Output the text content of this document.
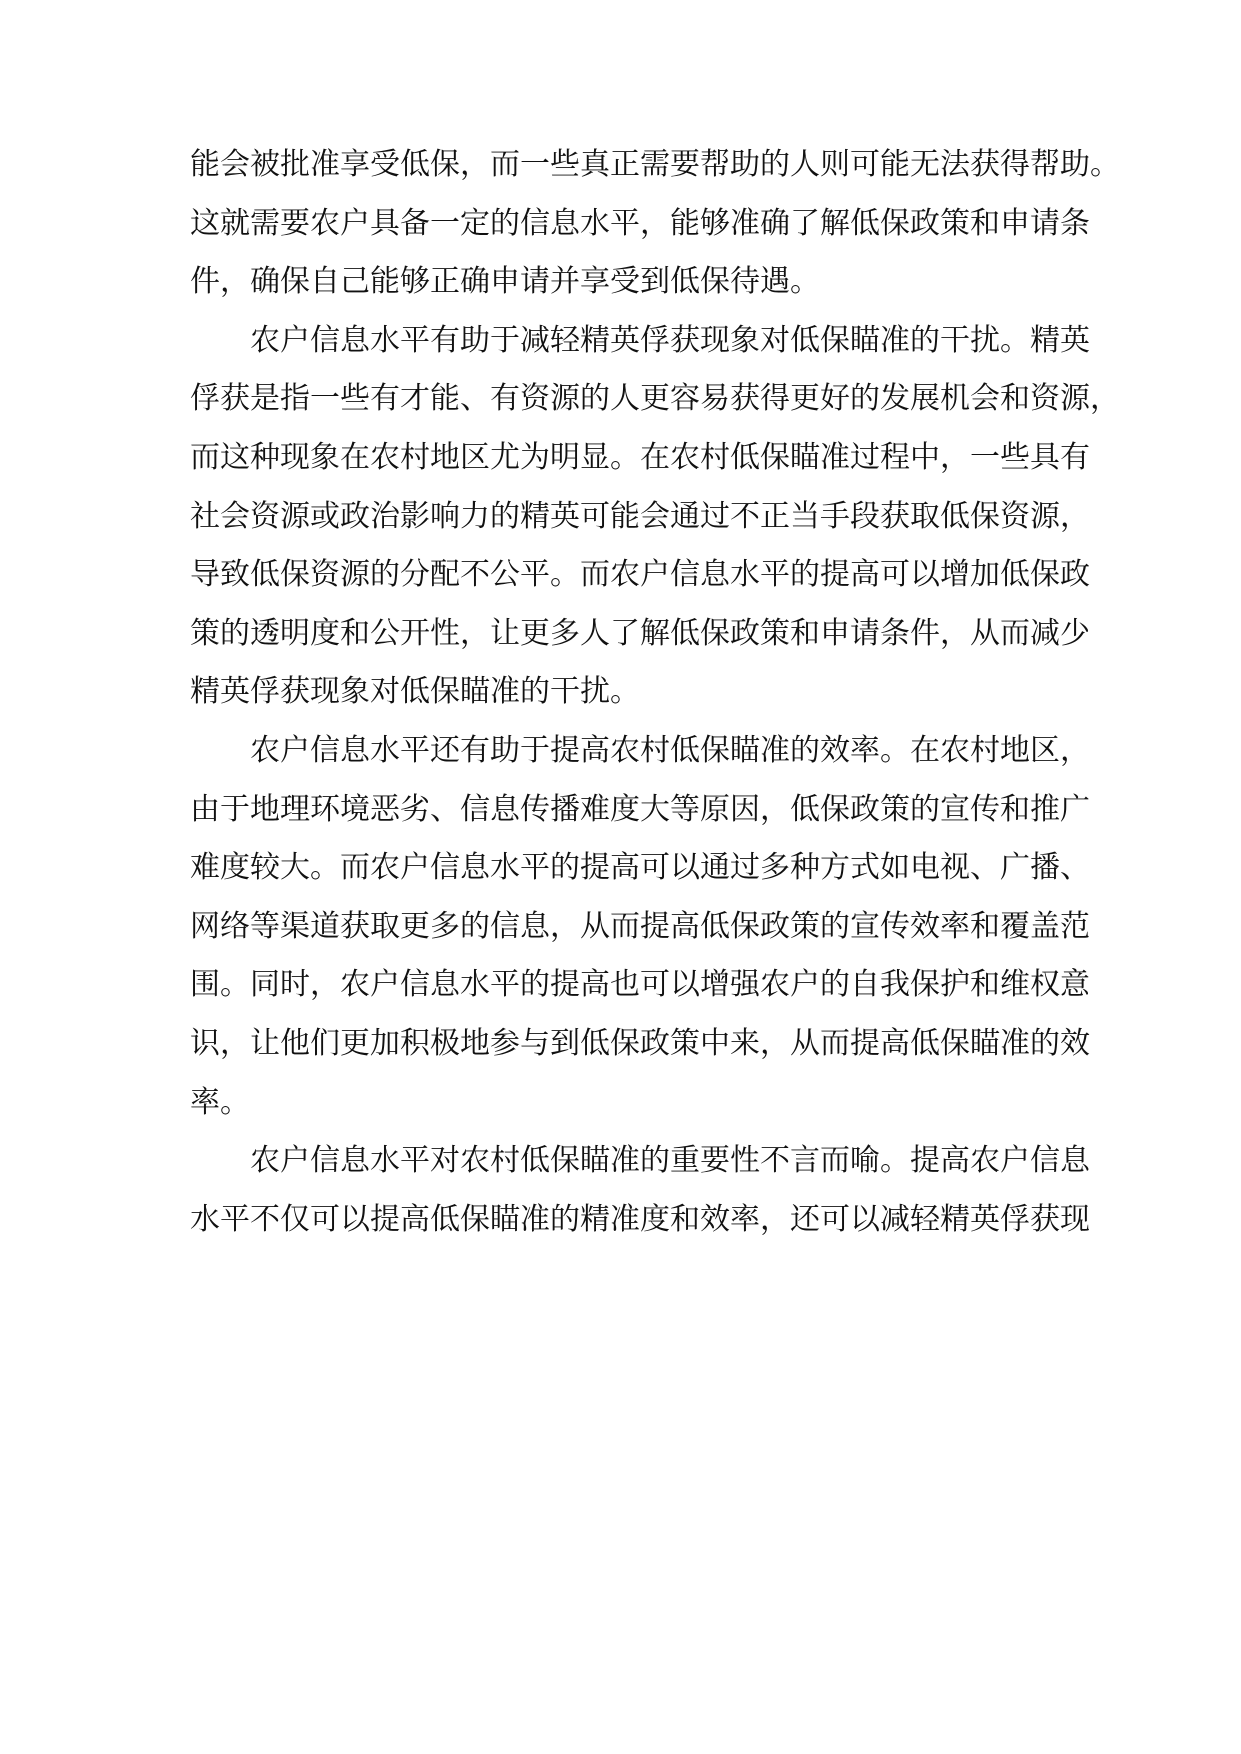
能会被批准享受低保，而一些真正需要帮助的人则可能无法获得帮助。
这就需要农户具备一定的信息水平，能够准确了解低保政策和申请条
件，确保自己能够正确申请并享受到低保待遇。
农户信息水平有助于减轻精英俘获现象对低保瞄准的干扰。精英
俘获是指一些有才能、有资源的人更容易获得更好的发展机会和资源，
而这种现象在农村地区尤为明显。在农村低保瞄准过程中，一些具有
社会资源或政治影响力的精英可能会通过不正当手段获取低保资源，
导致低保资源的分配不公平。而农户信息水平的提高可以增加低保政
策的透明度和公开性，让更多人了解低保政策和申请条件，从而减少
精英俘获现象对低保瞄准的干扰。
农户信息水平还有助于提高农村低保瞄准的效率。在农村地区，
由于地理环境恶劣、信息传播难度大等原因，低保政策的宣传和推广
难度较大。而农户信息水平的提高可以通过多种方式如电视、广播、
网络等渠道获取更多的信息，从而提高低保政策的宣传效率和覆盖范
围。同时，农户信息水平的提高也可以增强农户的自我保护和维权意
识，让他们更加积极地参与到低保政策中来，从而提高低保瞄准的效
率。
农户信息水平对农村低保瞄准的重要性不言而喻。提高农户信息
水平不仅可以提高低保瞄准的精准度和效率，还可以减轻精英俘获现
